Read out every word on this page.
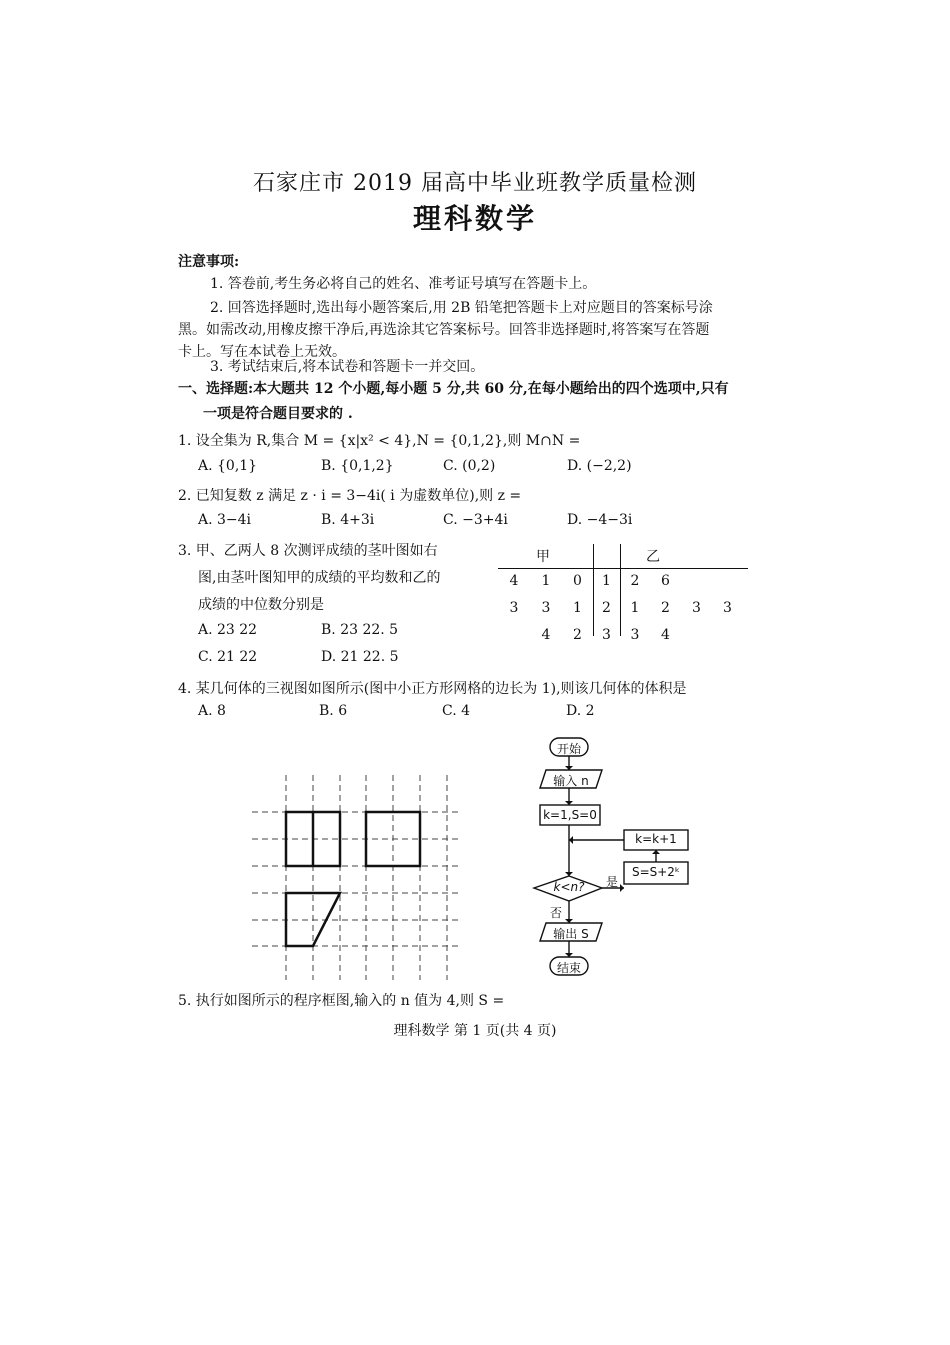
石家庄市 2019 届高中毕业班教学质量检测
理科数学
注意事项:
1. 答卷前,考生务必将自己的姓名、准考证号填写在答题卡上。
2. 回答选择题时,选出每小题答案后,用 2B 铅笔把答题卡上对应题目的答案标号涂
黑。如需改动,用橡皮擦干净后,再选涂其它答案标号。回答非选择题时,将答案写在答题
卡上。写在本试卷上无效。
3. 考试结束后,将本试卷和答题卡一并交回。
一、选择题:本大题共 12 个小题,每小题 5 分,共 60 分,在每小题给出的四个选项中,只有
一项是符合题目要求的 .
1. 设全集为 R,集合 M = {x|x² < 4},N = {0,1,2},则 M∩N =
A. {0,1}	B. {0,1,2}	C. (0,2)	D. (−2,2)
2. 已知复数 z 满足 z · i = 3−4i( i 为虚数单位),则 z =
A. 3−4i	B. 4+3i	C. −3+4i	D. −4−3i
3. 甲、乙两人 8 次测评成绩的茎叶图如右
图,由茎叶图知甲的成绩的平均数和乙的
成绩的中位数分别是
A. 23 22	B. 23 22. 5
C. 21 22	D. 21 22. 5
甲	乙
4	1	0	1	2	6		
3	3	1	2	1	2	3	3
	4	2	3	3	4		
4. 某几何体的三视图如图所示(图中小正方形网格的边长为 1),则该几何体的体积是
A. 8	B. 6	C. 4	D. 2
开始
输入 n
k=1,S=0
k=k+1
S=S+2ᵏ
k<n?	是
否
输出 S
结束
5. 执行如图所示的程序框图,输入的 n 值为 4,则 S =
理科数学 第 1 页(共 4 页)
